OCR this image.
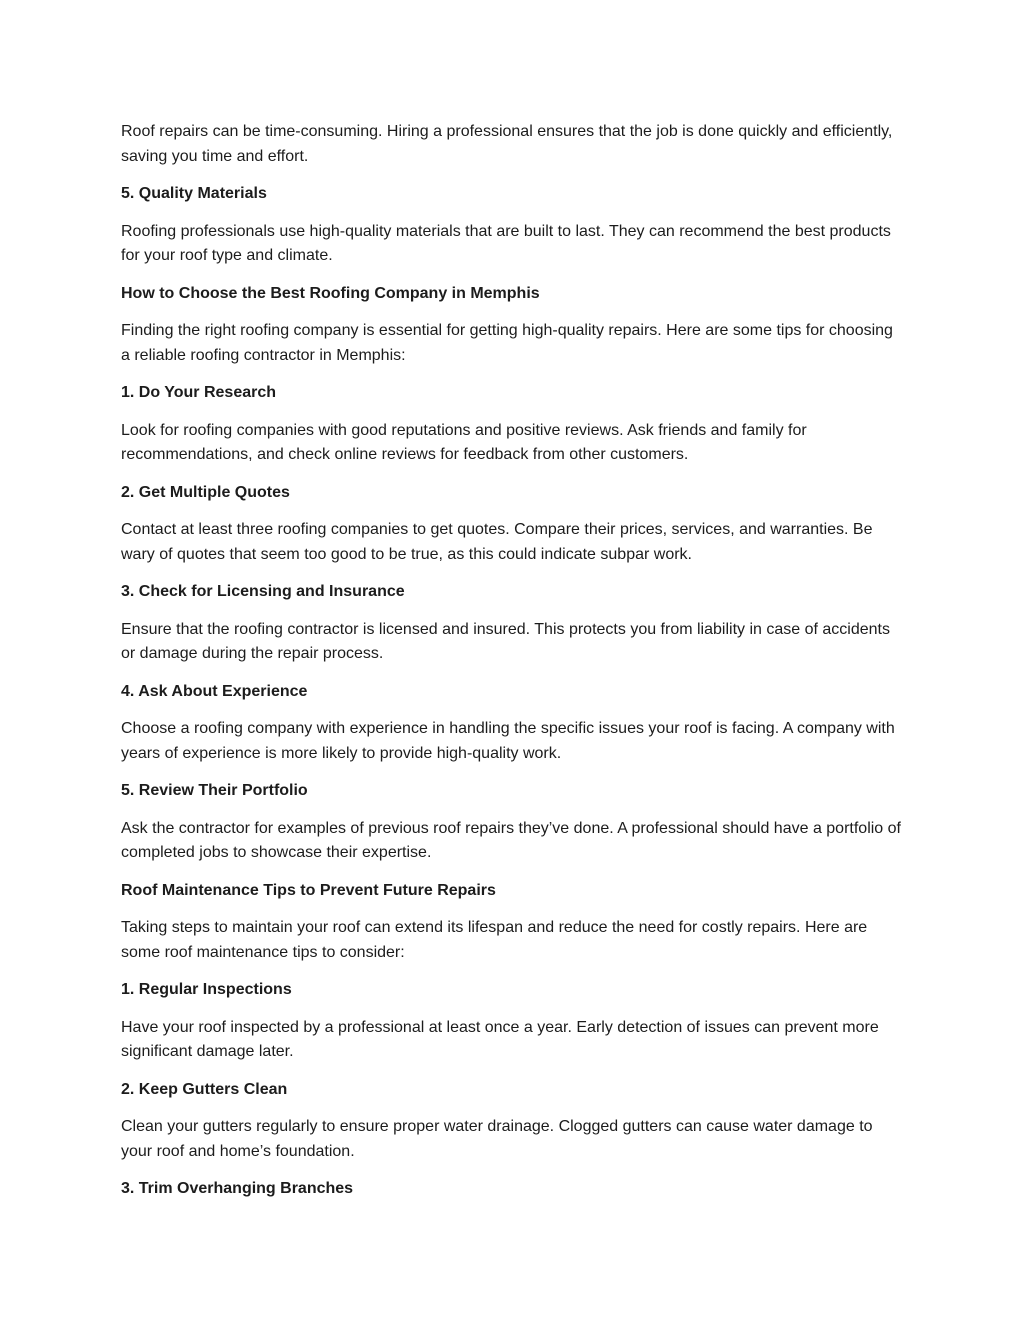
Roof repairs can be time-consuming. Hiring a professional ensures that the job is done quickly and efficiently, saving you time and effort.

5. Quality Materials

Roofing professionals use high-quality materials that are built to last. They can recommend the best products for your roof type and climate.

How to Choose the Best Roofing Company in Memphis

Finding the right roofing company is essential for getting high-quality repairs. Here are some tips for choosing a reliable roofing contractor in Memphis:

1. Do Your Research

Look for roofing companies with good reputations and positive reviews. Ask friends and family for recommendations, and check online reviews for feedback from other customers.

2. Get Multiple Quotes

Contact at least three roofing companies to get quotes. Compare their prices, services, and warranties. Be wary of quotes that seem too good to be true, as this could indicate subpar work.

3. Check for Licensing and Insurance

Ensure that the roofing contractor is licensed and insured. This protects you from liability in case of accidents or damage during the repair process.

4. Ask About Experience

Choose a roofing company with experience in handling the specific issues your roof is facing. A company with years of experience is more likely to provide high-quality work.

5. Review Their Portfolio

Ask the contractor for examples of previous roof repairs they’ve done. A professional should have a portfolio of completed jobs to showcase their expertise.

Roof Maintenance Tips to Prevent Future Repairs

Taking steps to maintain your roof can extend its lifespan and reduce the need for costly repairs. Here are some roof maintenance tips to consider:

1. Regular Inspections

Have your roof inspected by a professional at least once a year. Early detection of issues can prevent more significant damage later.

2. Keep Gutters Clean

Clean your gutters regularly to ensure proper water drainage. Clogged gutters can cause water damage to your roof and home’s foundation.

3. Trim Overhanging Branches
